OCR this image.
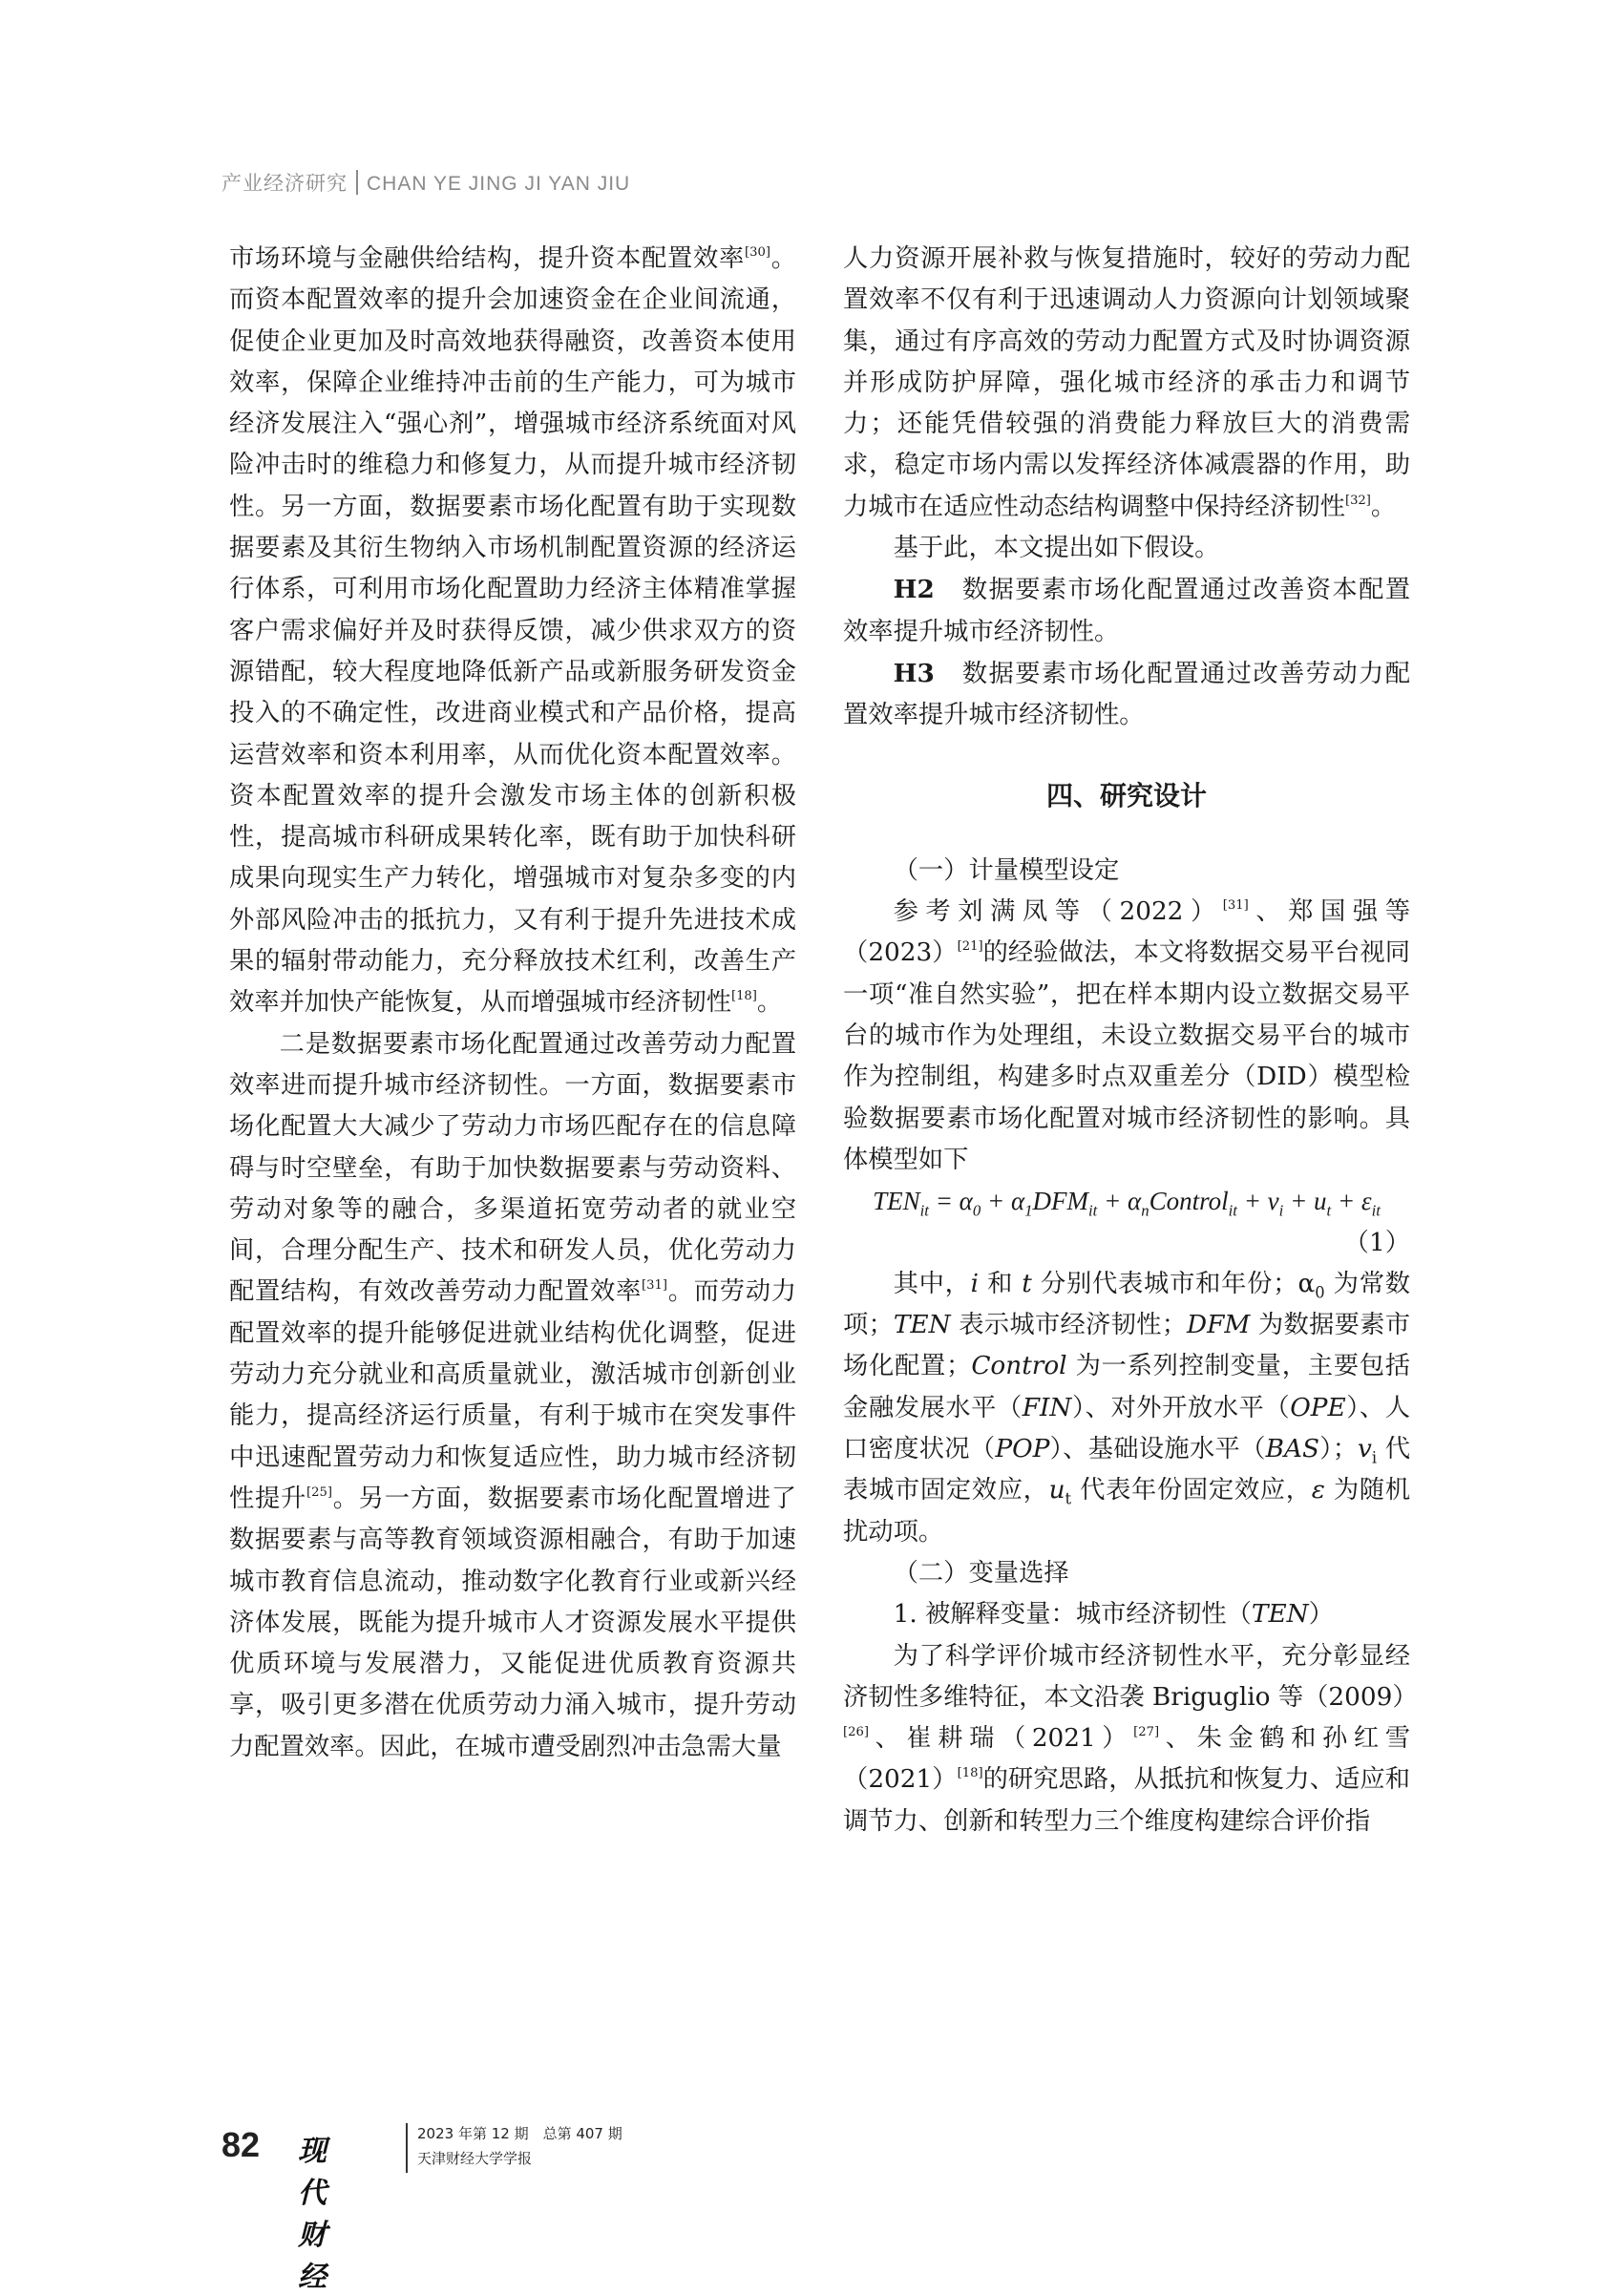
产业经济研究 CHAN YE JING JI YAN JIU

市场环境与金融供给结构，提升资本配置效率[30]。而资本配置效率的提升会加速资金在企业间流通，促使企业更加及时高效地获得融资，改善资本使用效率，保障企业维持冲击前的生产能力，可为城市经济发展注入“强心剂”，增强城市经济系统面对风险冲击时的维稳力和修复力，从而提升城市经济韧性。另一方面，数据要素市场化配置有助于实现数据要素及其衍生物纳入市场机制配置资源的经济运行体系，可利用市场化配置助力经济主体精准掌握客户需求偏好并及时获得反馈，减少供求双方的资源错配，较大程度地降低新产品或新服务研发资金投入的不确定性，改进商业模式和产品价格，提高运营效率和资本利用率，从而优化资本配置效率。资本配置效率的提升会激发市场主体的创新积极性，提高城市科研成果转化率，既有助于加快科研成果向现实生产力转化，增强城市对复杂多变的内外部风险冲击的抵抗力，又有利于提升先进技术成果的辐射带动能力，充分释放技术红利，改善生产效率并加快产能恢复，从而增强城市经济韧性[18]。

二是数据要素市场化配置通过改善劳动力配置效率进而提升城市经济韧性。一方面，数据要素市场化配置大大减少了劳动力市场匹配存在的信息障碍与时空壁垒，有助于加快数据要素与劳动资料、劳动对象等的融合，多渠道拓宽劳动者的就业空间，合理分配生产、技术和研发人员，优化劳动力配置结构，有效改善劳动力配置效率[31]。而劳动力配置效率的提升能够促进就业结构优化调整，促进劳动力充分就业和高质量就业，激活城市创新创业能力，提高经济运行质量，有利于城市在突发事件中迅速配置劳动力和恢复适应性，助力城市经济韧性提升[25]。另一方面，数据要素市场化配置增进了数据要素与高等教育领域资源相融合，有助于加速城市教育信息流动，推动数字化教育行业或新兴经济体发展，既能为提升城市人才资源发展水平提供优质环境与发展潜力，又能促进优质教育资源共享，吸引更多潜在优质劳动力涌入城市，提升劳动力配置效率。因此，在城市遭受剧烈冲击急需大量

人力资源开展补救与恢复措施时，较好的劳动力配置效率不仅有利于迅速调动人力资源向计划领域聚集，通过有序高效的劳动力配置方式及时协调资源并形成防护屏障，强化城市经济的承击力和调节力；还能凭借较强的消费能力释放巨大的消费需求，稳定市场内需以发挥经济体减震器的作用，助力城市在适应性动态结构调整中保持经济韧性[32]。

基于此，本文提出如下假设。

H2　 数据要素市场化配置通过改善资本配置效率提升城市经济韧性。

H3　 数据要素市场化配置通过改善劳动力配置效率提升城市经济韧性。

四、研究设计

（一）计量模型设定

参考刘满凤等（2022）[31]、郑国强等（2023）[21]的经验做法，本文将数据交易平台视同一项“准自然实验”，把在样本期内设立数据交易平台的城市作为处理组，未设立数据交易平台的城市作为控制组，构建多时点双重差分（DID）模型检验数据要素市场化配置对城市经济韧性的影响。具体模型如下

$TEN_{it} = \alpha_0 + \alpha_1DFM_{it}$ + $\alpha_nControl_{it} + v_i + u_t + \varepsilon_{it}$
（1）

其中，i 和 t 分别代表城市和年份；$\alpha_0$ 为常数项；TEN 表示城市经济韧性；DFM 为数据要素市场化配置；Control 为一系列控制变量，主要包括金融发展水平（FIN）、对外开放水平（OPE）、人口密度状况（POP）、基础设施水平（BAS）；$v_i$ 代表城市固定效应，$u_t$ 代表年份固定效应，ε 为随机扰动项。

（二）变量选择

1. 被解释变量：城市经济韧性（TEN）

为了科学评价城市经济韧性水平，充分彰显经济韧性多维特征，本文沿袭 Briguglio 等（2009）[26]、崔耕瑞（2021）[27]、朱金鹤和孙红雪（2021）[18]的研究思路，从抵抗和恢复力、适应和调节力、创新和转型力三个维度构建综合评价指

82 现代财经
2023 年第 12 期　总第 407 期
天津财经大学学报
